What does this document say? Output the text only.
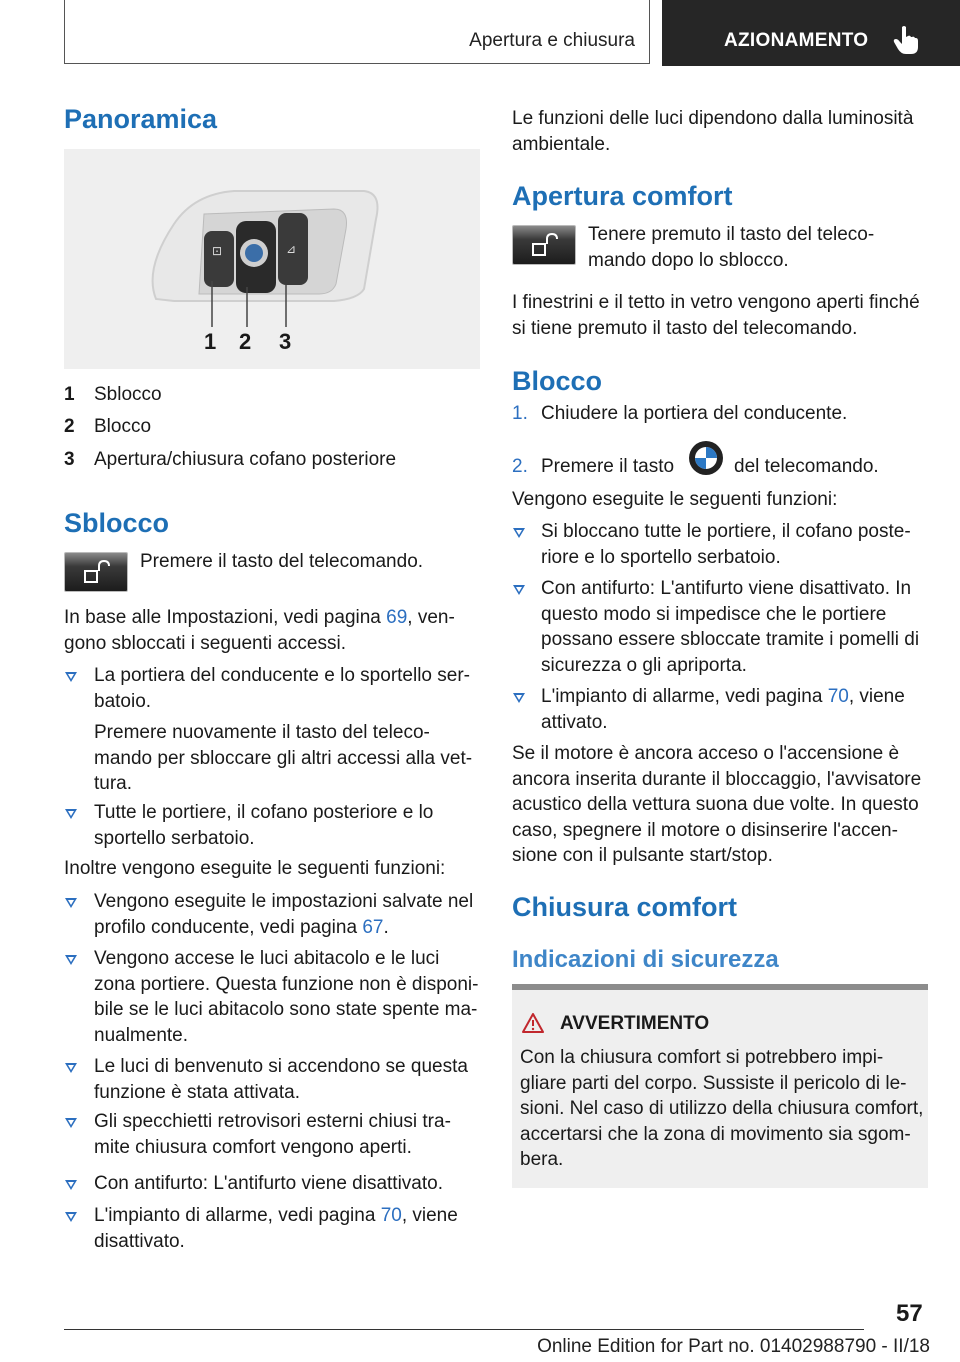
Apertura e chiusura	AZIONAMENTO
Panoramica
⊡	⊿
1 2 3
1 Sblocco
2 Blocco
3 Apertura/chiusura cofano posteriore
Sblocco
Premere il tasto del telecomando.
In base alle Impostazioni, vedi pagina 69, ven-
gono sbloccati i seguenti accessi.
La portiera del conducente e lo sportello ser-
batoio.
Premere nuovamente il tasto del teleco-
mando per sbloccare gli altri accessi alla vet-
tura.
Tutte le portiere, il cofano posteriore e lo
sportello serbatoio.
Inoltre vengono eseguite le seguenti funzioni:
Vengono eseguite le impostazioni salvate nel
profilo conducente, vedi pagina 67.
Vengono accese le luci abitacolo e le luci
zona portiere. Questa funzione non è disponi-
bile se le luci abitacolo sono state spente ma-
nualmente.
Le luci di benvenuto si accendono se questa
funzione è stata attivata.
Gli specchietti retrovisori esterni chiusi tra-
mite chiusura comfort vengono aperti.
Con antifurto: L'antifurto viene disattivato.
L'impianto di allarme, vedi pagina 70, viene
disattivato.
Le funzioni delle luci dipendono dalla luminosità
ambientale.
Apertura comfort
Tenere premuto il tasto del teleco-
mando dopo lo sblocco.
I finestrini e il tetto in vetro vengono aperti finché
si tiene premuto il tasto del telecomando.
Blocco
1. Chiudere la portiera del conducente.
2. Premere il tasto	del telecomando.
Vengono eseguite le seguenti funzioni:
Si bloccano tutte le portiere, il cofano poste-
riore e lo sportello serbatoio.
Con antifurto: L'antifurto viene disattivato. In
questo modo si impedisce che le portiere
possano essere sbloccate tramite i pomelli di
sicurezza o gli apriporta.
L'impianto di allarme, vedi pagina 70, viene
attivato.
Se il motore è ancora acceso o l'accensione è
ancora inserita durante il bloccaggio, l'avvisatore
acustico della vettura suona due volte. In questo
caso, spegnere il motore o disinserire l'accen-
sione con il pulsante start/stop.
Chiusura comfort
Indicazioni di sicurezza
AVVERTIMENTO
Con la chiusura comfort si potrebbero impi-
gliare parti del corpo. Sussiste il pericolo di le-
sioni. Nel caso di utilizzo della chiusura comfort,
accertarsi che la zona di movimento sia sgom-
bera.
57
Online Edition for Part no. 01402988790 - II/18
